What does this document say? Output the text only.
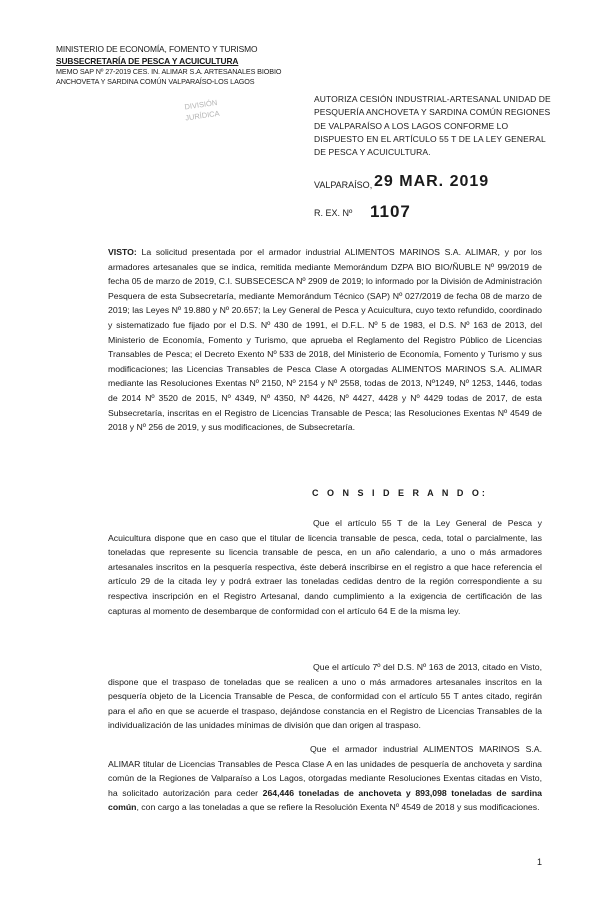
MINISTERIO DE ECONOMÍA, FOMENTO Y TURISMO
SUBSECRETARÍA DE PESCA Y ACUICULTURA
MEMO SAP Nº 27-2019 CES. IN. ALIMAR S.A. ARTESANALES BIOBIO
ANCHOVETA Y SARDINA COMÚN VALPARAÍSO-LOS LAGOS
DIVISIÓN
JURÍDICA
AUTORIZA CESIÓN INDUSTRIAL-ARTESANAL UNIDAD DE PESQUERÍA ANCHOVETA Y SARDINA COMÚN REGIONES DE VALPARAÍSO A LOS LAGOS CONFORME LO DISPUESTO EN EL ARTÍCULO 55 T DE LA LEY GENERAL DE PESCA Y ACUICULTURA.
VALPARAÍSO, 29 MAR. 2019
R. EX. Nº 1107
VISTO: La solicitud presentada por el armador industrial ALIMENTOS MARINOS S.A. ALIMAR, y por los armadores artesanales que se indica, remitida mediante Memorándum DZPA BIO BIO/ÑUBLE Nº 99/2019 de fecha 05 de marzo de 2019, C.I. SUBSECESCA Nº 2909 de 2019; lo informado por la División de Administración Pesquera de esta Subsecretaría, mediante Memorándum Técnico (SAP) Nº 027/2019 de fecha 08 de marzo de 2019; las Leyes Nº 19.880 y Nº 20.657; la Ley General de Pesca y Acuicultura, cuyo texto refundido, coordinado y sistematizado fue fijado por el D.S. Nº 430 de 1991, el D.F.L. Nº 5 de 1983, el D.S. Nº 163 de 2013, del Ministerio de Economía, Fomento y Turismo, que aprueba el Reglamento del Registro Público de Licencias Transables de Pesca; el Decreto Exento Nº 533 de 2018, del Ministerio de Economía, Fomento y Turismo y sus modificaciones; las Licencias Transables de Pesca Clase A otorgadas ALIMENTOS MARINOS S.A. ALIMAR mediante las Resoluciones Exentas Nº 2150, Nº 2154 y Nº 2558, todas de 2013, Nº1249, Nº 1253, 1446, todas de 2014 Nº 3520 de 2015, Nº 4349, Nº 4350, Nº 4426, Nº 4427, 4428 y Nº 4429 todas de 2017, de esta Subsecretaría, inscritas en el Registro de Licencias Transable de Pesca; las Resoluciones Exentas Nº 4549 de 2018 y Nº 256 de 2019, y sus modificaciones, de Subsecretaría.
C O N S I D E R A N D O:
Que el artículo 55 T de la Ley General de Pesca y Acuicultura dispone que en caso que el titular de licencia transable de pesca, ceda, total o parcialmente, las toneladas que represente su licencia transable de pesca, en un año calendario, a uno o más armadores artesanales inscritos en la pesquería respectiva, éste deberá inscribirse en el registro a que hace referencia el artículo 29 de la citada ley y podrá extraer las toneladas cedidas dentro de la región correspondiente a su respectiva inscripción en el Registro Artesanal, dando cumplimiento a la exigencia de certificación de las capturas al momento de desembarque de conformidad con el artículo 64 E de la misma ley.
Que el artículo 7º del D.S. Nº 163 de 2013, citado en Visto, dispone que el traspaso de toneladas que se realicen a uno o más armadores artesanales inscritos en la pesquería objeto de la Licencia Transable de Pesca, de conformidad con el artículo 55 T antes citado, regirán para el año en que se acuerde el traspaso, dejándose constancia en el Registro de Licencias Transables de la individualización de las unidades mínimas de división que dan origen al traspaso.
Que el armador industrial ALIMENTOS MARINOS S.A. ALIMAR titular de Licencias Transables de Pesca Clase A en las unidades de pesquería de anchoveta y sardina común de la Regiones de Valparaíso a Los Lagos, otorgadas mediante Resoluciones Exentas citadas en Visto, ha solicitado autorización para ceder 264,446 toneladas de anchoveta y 893,098 toneladas de sardina común, con cargo a las toneladas a que se refiere la Resolución Exenta Nº 4549 de 2018 y sus modificaciones.
1
